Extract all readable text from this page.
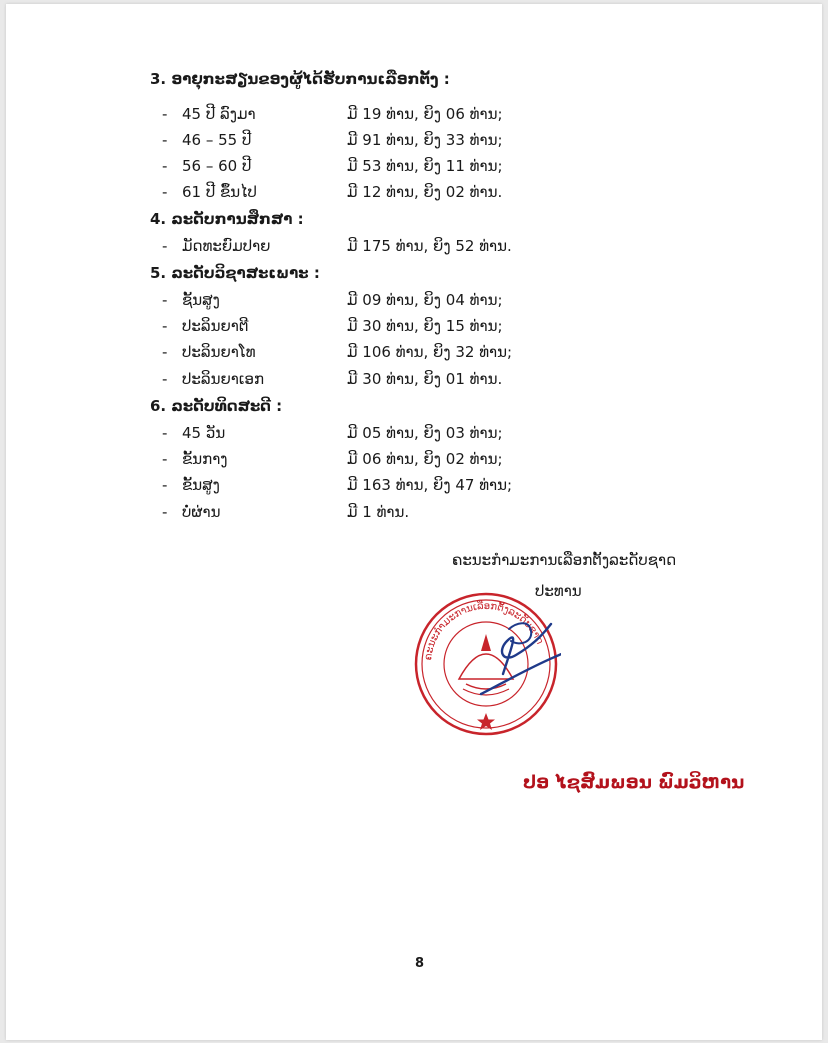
3. ອາຍຸກະສຽນຂອງຜູ້ໄດ້ຮັບການເລືອກຕັ້ງ :
- 45 ປີ ລົງມາ	ມີ 19 ທ່ານ, ຍິງ 06 ທ່ານ;
- 46 – 55 ປີ	ມີ 91 ທ່ານ, ຍິງ 33 ທ່ານ;
- 56 – 60 ປີ	ມີ 53 ທ່ານ, ຍິງ 11 ທ່ານ;
- 61 ປີ ຂຶ້ນໄປ	ມີ 12 ທ່ານ, ຍິງ 02 ທ່ານ.
4. ລະດັບການສຶກສາ :
- ມັດທະຍົມປາຍ	ມີ 175 ທ່ານ, ຍິງ 52 ທ່ານ.
5. ລະດັບວິຊາສະເພາະ :
- ຊັ້ນສູງ	ມີ 09 ທ່ານ, ຍິງ 04 ທ່ານ;
- ປະລິນຍາຕີ	ມີ 30 ທ່ານ, ຍິງ 15 ທ່ານ;
- ປະລິນຍາໂທ	ມີ 106 ທ່ານ, ຍິງ 32 ທ່ານ;
- ປະລິນຍາເອກ	ມີ 30 ທ່ານ, ຍິງ 01 ທ່ານ.
6. ລະດັບທິດສະດີ :
- 45 ວັນ	ມີ 05 ທ່ານ, ຍິງ 03 ທ່ານ;
- ຂັ້ນກາງ	ມີ 06 ທ່ານ, ຍິງ 02 ທ່ານ;
- ຂັ້ນສູງ	ມີ 163 ທ່ານ, ຍິງ 47 ທ່ານ;
- ບໍ່ຜ່ານ	ມີ 1 ທ່ານ.
ຄະນະກຳມະການເລືອກຕັ້ງລະດັບຊາດ
ປະທານ
ຄະນະກຳມະການເລືອກຕັ້ງລະດັບຊາດ
ປອ ໄຊສົມພອນ ພົມວິຫານ
8
